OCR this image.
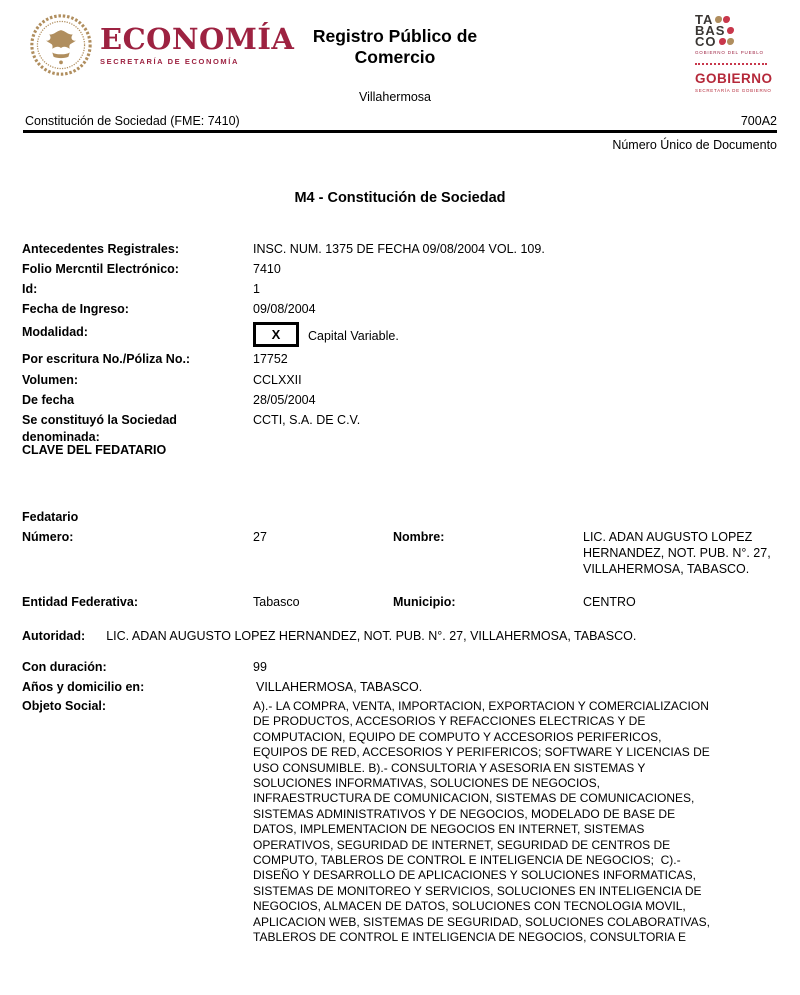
ECONOMÍA
SECRETARÍA DE ECONOMÍA
Registro Público de Comercio
Villahermosa
TA
BAS
CO
GOBIERNO DEL PUEBLO
GOBIERNO
SECRETARÍA DE GOBIERNO
Constitución de Sociedad (FME: 7410)	700A2
Número Único de Documento
M4 - Constitución de Sociedad
Antecedentes Registrales:	INSC. NUM. 1375 DE FECHA 09/08/2004 VOL. 109.
Folio Mercntil Electrónico:	7410
Id:	1
Fecha de Ingreso:	09/08/2004
Modalidad:	X Capital Variable.
Por escritura No./Póliza No.:	17752
Volumen:	CCLXXII
De fecha	28/05/2004
Se constituyó la Sociedad denominada:
CCTI, S.A. DE C.V.
CLAVE DEL FEDATARIO
Fedatario
Número:	27	Nombre:	LIC. ADAN AUGUSTO LOPEZ HERNANDEZ, NOT. PUB. N°. 27, VILLAHERMOSA, TABASCO.
Entidad Federativa:	Tabasco	Municipio:	CENTRO
Autoridad: LIC. ADAN AUGUSTO LOPEZ HERNANDEZ, NOT. PUB. N°. 27, VILLAHERMOSA, TABASCO.
Con duración:	99
Años y domicilio en:	VILLAHERMOSA, TABASCO.
Objeto Social:	A).- LA COMPRA, VENTA, IMPORTACION, EXPORTACION Y COMERCIALIZACION
DE PRODUCTOS, ACCESORIOS Y REFACCIONES ELECTRICAS Y DE
COMPUTACION, EQUIPO DE COMPUTO Y ACCESORIOS PERIFERICOS,
EQUIPOS DE RED, ACCESORIOS Y PERIFERICOS; SOFTWARE Y LICENCIAS DE
USO CONSUMIBLE. B).- CONSULTORIA Y ASESORIA EN SISTEMAS Y
SOLUCIONES INFORMATIVAS, SOLUCIONES DE NEGOCIOS,
INFRAESTRUCTURA DE COMUNICACION, SISTEMAS DE COMUNICACIONES,
SISTEMAS ADMINISTRATIVOS Y DE NEGOCIOS, MODELADO DE BASE DE
DATOS, IMPLEMENTACION DE NEGOCIOS EN INTERNET, SISTEMAS
OPERATIVOS, SEGURIDAD DE INTERNET, SEGURIDAD DE CENTROS DE
COMPUTO, TABLEROS DE CONTROL E INTELIGENCIA DE NEGOCIOS;  C).-
DISEÑO Y DESARROLLO DE APLICACIONES Y SOLUCIONES INFORMATICAS,
SISTEMAS DE MONITOREO Y SERVICIOS, SOLUCIONES EN INTELIGENCIA DE
NEGOCIOS, ALMACEN DE DATOS, SOLUCIONES CON TECNOLOGIA MOVIL,
APLICACION WEB, SISTEMAS DE SEGURIDAD, SOLUCIONES COLABORATIVAS,
TABLEROS DE CONTROL E INTELIGENCIA DE NEGOCIOS, CONSULTORIA E
